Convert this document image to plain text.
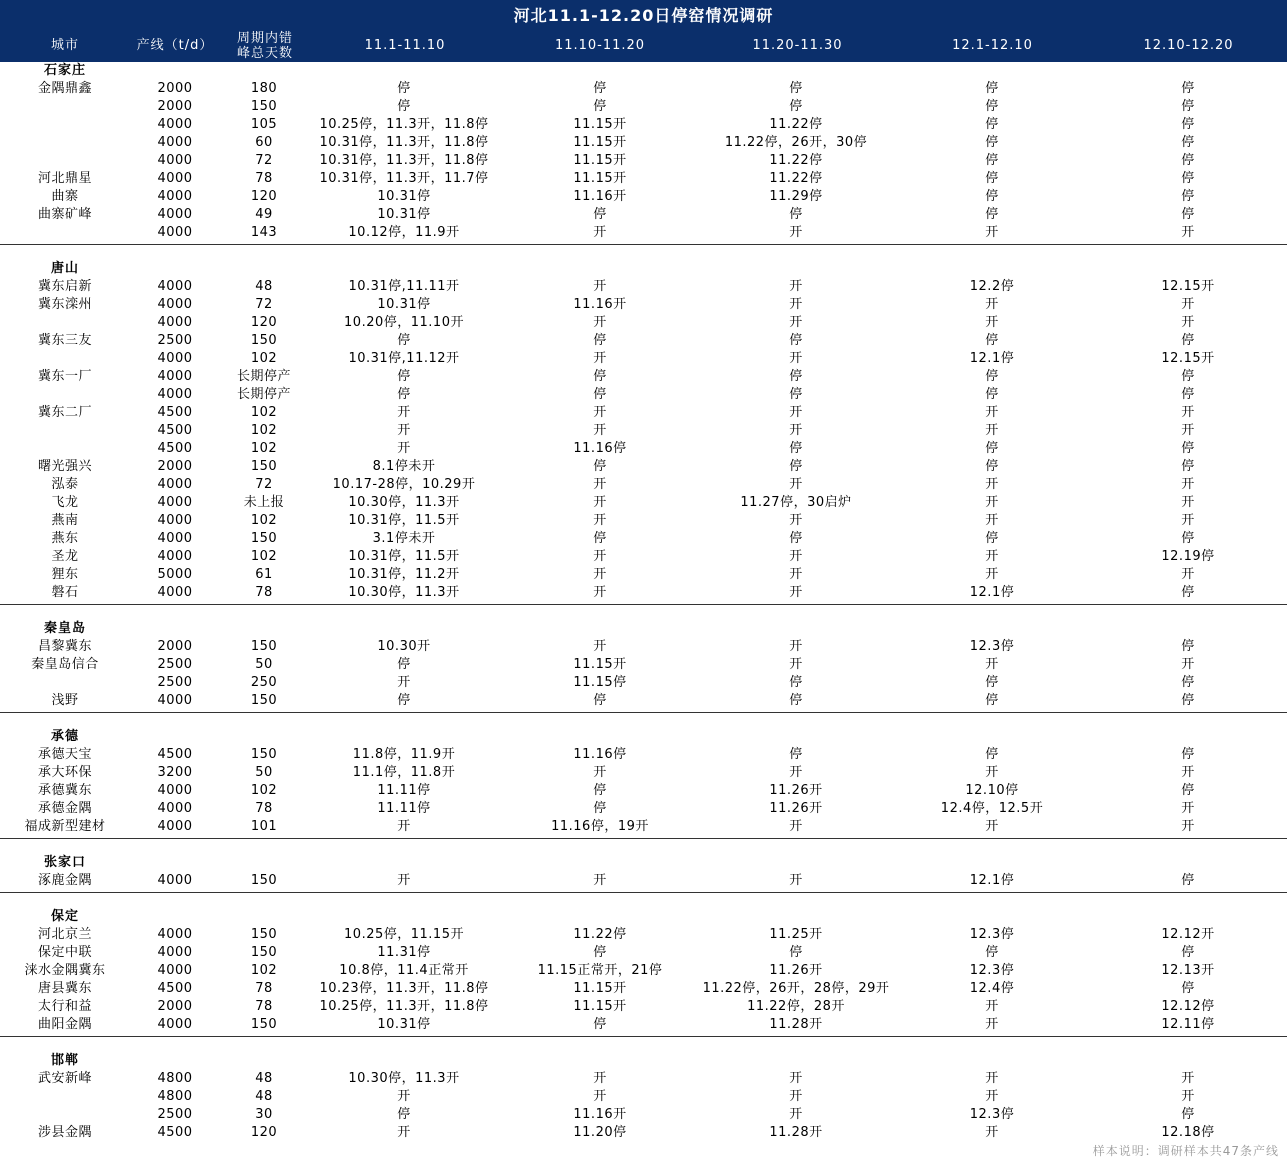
河北11.1-12.20日停窑情况调研
城市	产线（t/d）	周期内错
峰总天数	11.1-11.10	11.10-11.20	11.20-11.30	12.1-12.10	12.10-12.20
石家庄
金隅鼎鑫	2000	180	停	停	停	停	停
2000	150	停	停	停	停	停
4000	105	10.25停，11.3开，11.8停	11.15开	11.22停	停	停
4000	60	10.31停，11.3开，11.8停	11.15开	11.22停，26开，30停	停	停
4000	72	10.31停，11.3开，11.8停	11.15开	11.22停	停	停
河北鼎星	4000	78	10.31停，11.3开，11.7停	11.15开	11.22停	停	停
曲寨	4000	120	10.31停	11.16开	11.29停	停	停
曲寨矿峰	4000	49	10.31停	停	停	停	停
4000	143	10.12停，11.9开	开	开	开	开
唐山
冀东启新	4000	48	10.31停,11.11开	开	开	12.2停	12.15开
冀东滦州	4000	72	10.31停	11.16开	开	开	开
4000	120	10.20停，11.10开	开	开	开	开
冀东三友	2500	150	停	停	停	停	停
4000	102	10.31停,11.12开	开	开	12.1停	12.15开
冀东一厂	4000	长期停产	停	停	停	停	停
4000	长期停产	停	停	停	停	停
冀东二厂	4500	102	开	开	开	开	开
4500	102	开	开	开	开	开
4500	102	开	11.16停	停	停	停
曙光强兴	2000	150	8.1停未开	停	停	停	停
泓泰	4000	72	10.17-28停，10.29开	开	开	开	开
飞龙	4000	未上报	10.30停，11.3开	开	11.27停，30启炉	开	开
燕南	4000	102	10.31停，11.5开	开	开	开	开
燕东	4000	150	3.1停未开	停	停	停	停
圣龙	4000	102	10.31停，11.5开	开	开	开	12.19停
狸东	5000	61	10.31停，11.2开	开	开	开	开
磐石	4000	78	10.30停，11.3开	开	开	12.1停	停
秦皇岛
昌黎冀东	2000	150	10.30开	开	开	12.3停	停
秦皇岛信合	2500	50	停	11.15开	开	开	开
2500	250	开	11.15停	停	停	停
浅野	4000	150	停	停	停	停	停
承德
承德天宝	4500	150	11.8停，11.9开	11.16停	停	停	停
承大环保	3200	50	11.1停，11.8开	开	开	开	开
承德冀东	4000	102	11.11停	停	11.26开	12.10停	停
承德金隅	4000	78	11.11停	停	11.26开	12.4停，12.5开	开
福成新型建材	4000	101	开	11.16停，19开	开	开	开
张家口
涿鹿金隅	4000	150	开	开	开	12.1停	停
保定
河北京兰	4000	150	10.25停，11.15开	11.22停	11.25开	12.3停	12.12开
保定中联	4000	150	11.31停	停	停	停	停
涞水金隅冀东	4000	102	10.8停，11.4正常开	11.15正常开，21停	11.26开	12.3停	12.13开
唐县冀东	4500	78	10.23停，11.3开，11.8停	11.15开	11.22停，26开，28停，29开	12.4停	停
太行和益	2000	78	10.25停，11.3开，11.8停	11.15开	11.22停，28开	开	12.12停
曲阳金隅	4000	150	10.31停	停	11.28开	开	12.11停
邯郸
武安新峰	4800	48	10.30停，11.3开	开	开	开	开
4800	48	开	开	开	开	开
2500	30	停	11.16开	开	12.3停	停
涉县金隅	4500	120	开	11.20停	11.28开	开	12.18停
样本说明：调研样本共47条产线
